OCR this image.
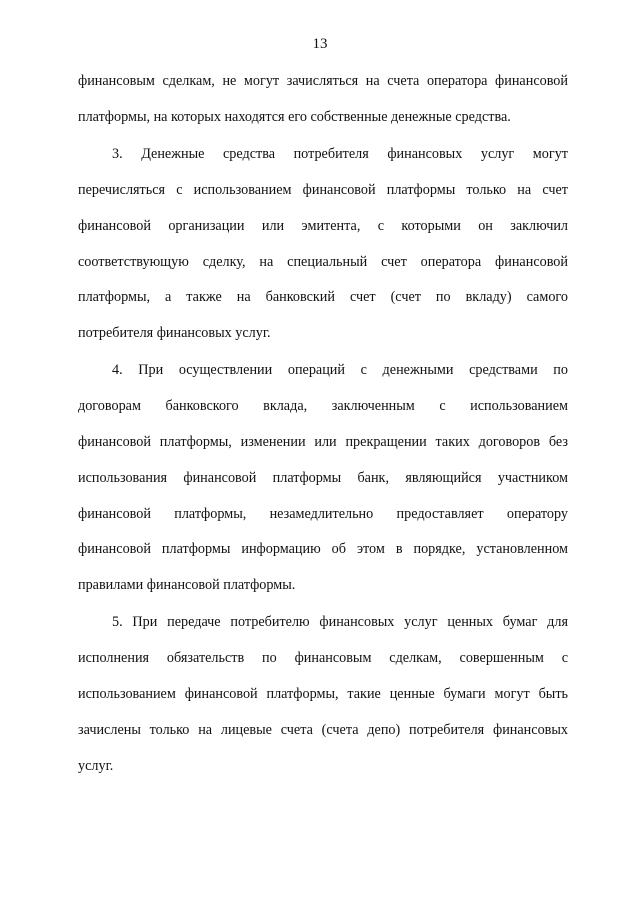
13
финансовым сделкам, не могут зачисляться на счета оператора финансовой
платформы, на которых находятся его собственные денежные средства.
3. Денежные средства потребителя финансовых услуг могут
перечисляться с использованием финансовой платформы только на счет
финансовой организации или эмитента, с которыми он заключил
соответствующую сделку, на специальный счет оператора финансовой
платформы, а также на банковский счет (счет по вкладу) самого
потребителя финансовых услуг.
4. При осуществлении операций с денежными средствами по
договорам банковского вклада, заключенным с использованием
финансовой платформы, изменении или прекращении таких договоров без
использования финансовой платформы банк, являющийся участником
финансовой платформы, незамедлительно предоставляет оператору
финансовой платформы информацию об этом в порядке, установленном
правилами финансовой платформы.
5. При передаче потребителю финансовых услуг ценных бумаг для
исполнения обязательств по финансовым сделкам, совершенным с
использованием финансовой платформы, такие ценные бумаги могут быть
зачислены только на лицевые счета (счета депо) потребителя финансовых
услуг.
